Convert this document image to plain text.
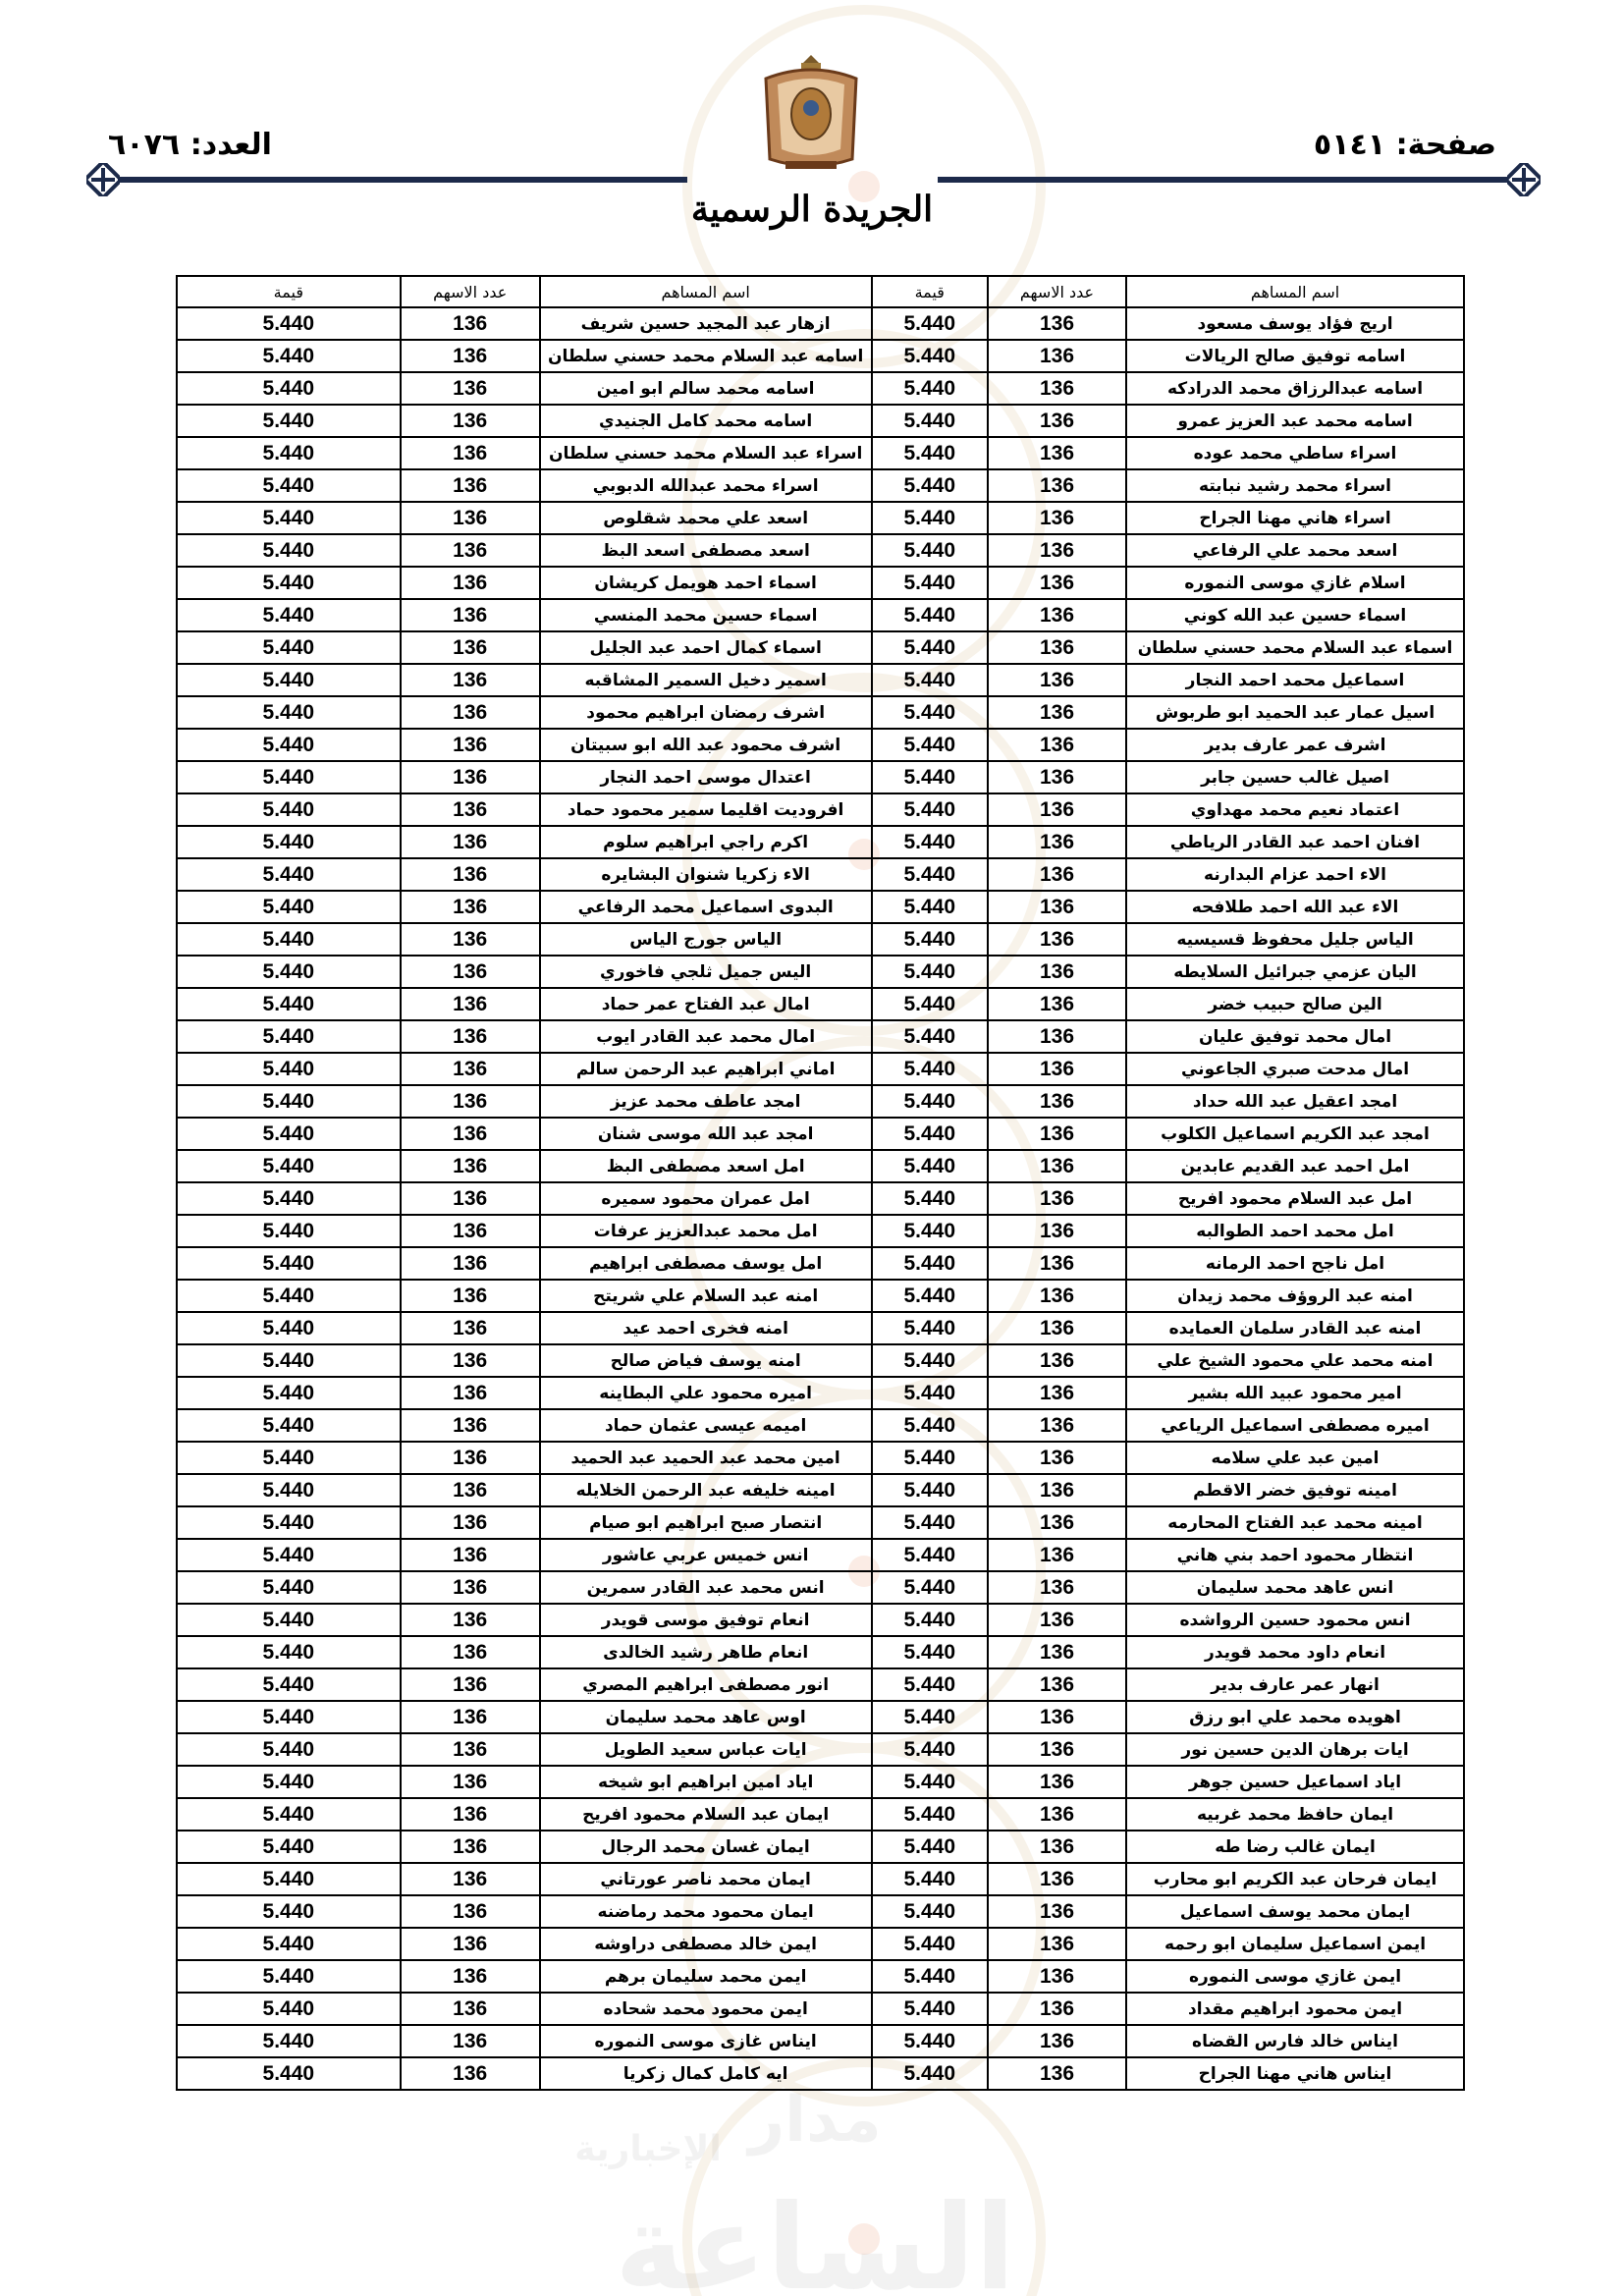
مدار
الإخبارية
الساعة
صفحة: ٥١٤١
العدد: ٦٠٧٦
الجريدة الرسمية
اسم المساهم	عدد الاسهم	قيمة		اسم المساهم	عدد الاسهم	قيمة
اريج فؤاد يوسف مسعود	136	5.440		ازهار عبد المجيد حسين شريف	136	5.440
اسامه توفيق صالح الريالات	136	5.440		اسامه عبد السلام محمد حسني سلطان	136	5.440
اسامه عبدالرزاق محمد الدرادكه	136	5.440		اسامه محمد سالم ابو امين	136	5.440
اسامه محمد عبد العزيز عمرو	136	5.440		اسامه محمد كامل الجنيدي	136	5.440
اسراء ساطي محمد عوده	136	5.440		اسراء عبد السلام محمد حسني سلطان	136	5.440
اسراء محمد رشيد نبابته	136	5.440		اسراء محمد عبدالله الدبوبي	136	5.440
اسراء هاني مهنا الجراح	136	5.440		اسعد علي محمد شقلوص	136	5.440
اسعد محمد علي الرفاعي	136	5.440		اسعد مصطفى اسعد البظ	136	5.440
اسلام غازي موسى النموره	136	5.440		اسماء احمد هويمل كريشان	136	5.440
اسماء حسين عبد الله كوني	136	5.440		اسماء حسين محمد المنسي	136	5.440
اسماء عبد السلام محمد حسني سلطان	136	5.440		اسماء كمال احمد عبد الجليل	136	5.440
اسماعيل محمد احمد النجار	136	5.440		اسمير دخيل السمير المشاقبه	136	5.440
اسيل عمار عبد الحميد ابو طربوش	136	5.440		اشرف رمضان ابراهيم محمود	136	5.440
اشرف عمر عارف بدير	136	5.440		اشرف محمود عبد الله ابو سبيتان	136	5.440
اصيل غالب حسين جابر	136	5.440		اعتدال موسى احمد النجار	136	5.440
اعتماد نعيم محمد مهداوي	136	5.440		افروديت اقليما سمير محمود حماد	136	5.440
افنان احمد عبد القادر الرياطي	136	5.440		اكرم راجي ابراهيم سلوم	136	5.440
الاء احمد عزام البدارنه	136	5.440		الاء زكريا شنوان البشايره	136	5.440
الاء عبد الله احمد طلافحه	136	5.440		البدوى اسماعيل محمد الرفاعي	136	5.440
الياس جليل محفوظ قسيسيه	136	5.440		الياس جورج الياس	136	5.440
اليان عزمي جبرائيل السلايطه	136	5.440		اليس جميل ثلجي فاخوري	136	5.440
الين صالح حبيب خضر	136	5.440		امال عبد الفتاح عمر حماد	136	5.440
امال محمد توفيق عليان	136	5.440		امال محمد عبد القادر ايوب	136	5.440
امال مدحت صبري الجاعوني	136	5.440		اماني ابراهيم عبد الرحمن سالم	136	5.440
امجد اعقيل عبد الله حداد	136	5.440		امجد عاطف محمد عزيز	136	5.440
امجد عبد الكريم اسماعيل الكلوب	136	5.440		امجد عبد الله موسى شنان	136	5.440
امل احمد عبد القديم عابدين	136	5.440		امل اسعد مصطفى البظ	136	5.440
امل عبد السلام محمود افريح	136	5.440		امل عمران محمود سميره	136	5.440
امل محمد احمد الطوالبه	136	5.440		امل محمد عبدالعزيز عرفات	136	5.440
امل ناجح احمد الرمانه	136	5.440		امل يوسف مصطفى ابراهيم	136	5.440
امنه عبد الروؤف محمد زيدان	136	5.440		امنه عبد السلام علي شريتح	136	5.440
امنه عبد القادر سلمان العمايده	136	5.440		امنه فخرى احمد عيد	136	5.440
امنه محمد علي محمود الشيخ علي	136	5.440		امنه يوسف فياض صالح	136	5.440
امير محمود عبيد الله بشير	136	5.440		اميره محمود علي البطاينه	136	5.440
اميره مصطفى اسماعيل الرياعي	136	5.440		اميمه عيسى عثمان حماد	136	5.440
امين عبد علي سلامه	136	5.440		امين محمد عبد الحميد عبد الحميد	136	5.440
امينه توفيق خضر الاقطم	136	5.440		امينه خليفه عبد الرحمن الخلايله	136	5.440
امينه محمد عبد الفتاح المحارمه	136	5.440		انتصار صبح ابراهيم ابو صيام	136	5.440
انتظار محمود احمد بني هاني	136	5.440		انس خميس عربي عاشور	136	5.440
انس عاهد محمد سليمان	136	5.440		انس محمد عبد القادر سمرين	136	5.440
انس محمود حسين الرواشده	136	5.440		انعام توفيق موسى قويدر	136	5.440
انعام داود محمد قويدر	136	5.440		انعام طاهر رشيد الخالدى	136	5.440
انهار عمر عارف بدير	136	5.440		انور مصطفى ابراهيم المصري	136	5.440
اهويده محمد علي ابو رزق	136	5.440		اوس عاهد محمد سليمان	136	5.440
ايات برهان الدين حسين نور	136	5.440		ايات عباس سعيد الطويل	136	5.440
اياد اسماعيل حسين جوهر	136	5.440		اياد امين ابراهيم ابو شيخه	136	5.440
ايمان حافظ محمد غربيه	136	5.440		ايمان عبد السلام محمود افريح	136	5.440
ايمان غالب رضا طه	136	5.440		ايمان غسان محمد الرجال	136	5.440
ايمان فرحان عبد الكريم ابو محارب	136	5.440		ايمان محمد ناصر عورتاني	136	5.440
ايمان محمد يوسف اسماعيل	136	5.440		ايمان محمود محمد رماضنه	136	5.440
ايمن اسماعيل سليمان ابو رحمه	136	5.440		ايمن خالد مصطفى دراوشه	136	5.440
ايمن غازي موسى النموره	136	5.440		ايمن محمد سليمان برهم	136	5.440
ايمن محمود ابراهيم مقداد	136	5.440		ايمن محمود محمد شحاده	136	5.440
ايناس خالد فارس القضاه	136	5.440		ايناس غازى موسى النموره	136	5.440
ايناس هاني مهنا الجراح	136	5.440		ايه كامل كمال زكريا	136	5.440
